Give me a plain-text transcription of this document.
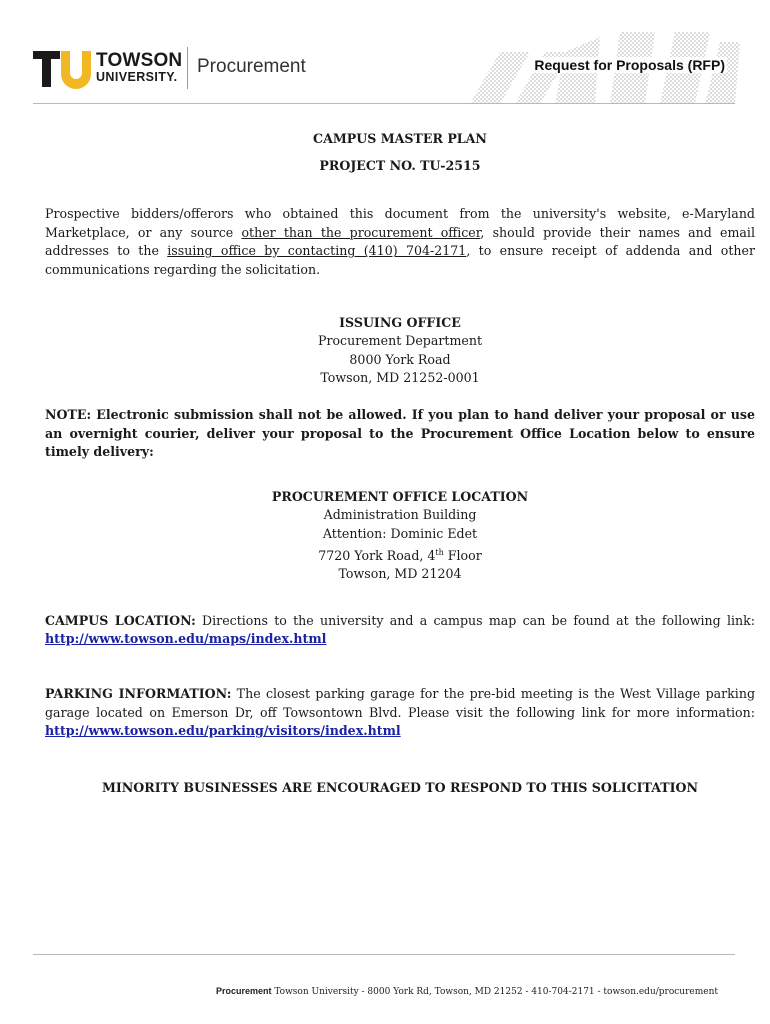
TOWSON
UNIVERSITY. Procurement	Request for Proposals (RFP)

CAMPUS MASTER PLAN

PROJECT NO. TU-2515

Prospective bidders/offerors who obtained this document from the university's website, e-Maryland Marketplace, or any source other than the procurement officer, should provide their names and email addresses to the issuing office by contacting (410) 704-2171, to ensure receipt of addenda and other communications regarding the solicitation.

ISSUING OFFICE

Procurement Department

8000 York Road

Towson, MD 21252-0001

NOTE: Electronic submission shall not be allowed. If you plan to hand deliver your proposal or use an overnight courier, deliver your proposal to the Procurement Office Location below to ensure timely delivery:

PROCUREMENT OFFICE LOCATION

Administration Building

Attention: Dominic Edet

7720 York Road, 4th Floor

Towson, MD 21204

CAMPUS LOCATION: Directions to the university and a campus map can be found at the following link: http://www.towson.edu/maps/index.html

PARKING INFORMATION: The closest parking garage for the pre-bid meeting is the West Village parking garage located on Emerson Dr, off Towsontown Blvd. Please visit the following link for more information: http://www.towson.edu/parking/visitors/index.html

MINORITY BUSINESSES ARE ENCOURAGED TO RESPOND TO THIS SOLICITATION

Procurement Towson University - 8000 York Rd, Towson, MD 21252 - 410-704-2171 - towson.edu/procurement
